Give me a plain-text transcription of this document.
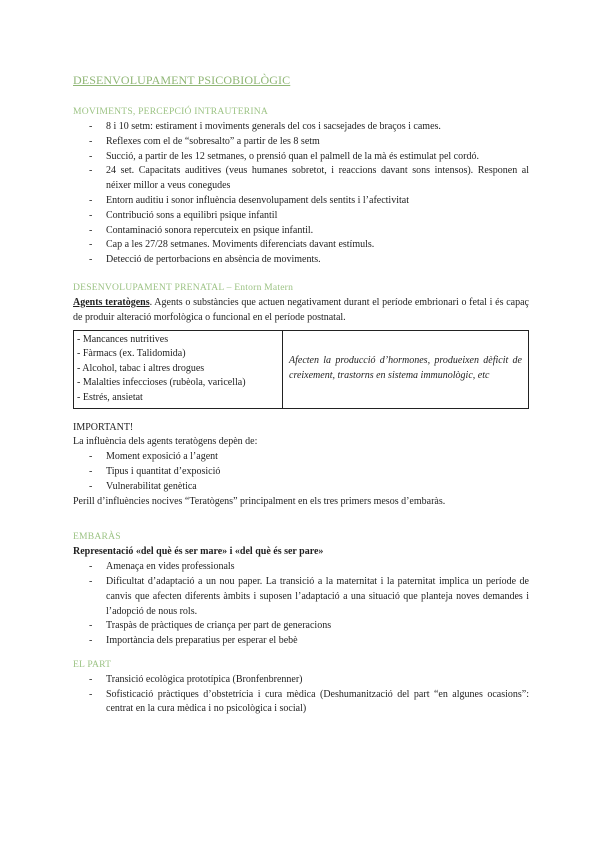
DESENVOLUPAMENT PSICOBIOLÒGIC
MOVIMENTS, PERCEPCIÓ INTRAUTERINA
- 8 i 10 setm: estirament i moviments generals del cos i sacsejades de braços i cames.
- Reflexes com el de “sobresalto” a partir de les 8 setm
- Succió, a partir de les 12 setmanes, o prensió quan el palmell de la mà és estimulat pel cordó.
- 24 set. Capacitats auditives (veus humanes sobretot, i reaccions davant sons intensos). Responen al néixer millor a veus conegudes
- Entorn auditiu i sonor influència desenvolupament dels sentits i l’afectivitat
- Contribució sons a equilibri psique infantil
- Contaminació sonora repercuteix en psique infantil.
- Cap a les 27/28 setmanes. Moviments diferenciats davant estímuls.
- Detecció de pertorbacions en absència de moviments.
DESENVOLUPAMENT PRENATAL – Entorn Matern

Agents teratògens. Agents o substàncies que actuen negativament durant el període embrionari o fetal i és capaç de produir alteració morfològica o funcional en el període postnatal.

- Mancances nutritives
- Fàrmacs (ex. Talidomida)
- Alcohol, tabac i altres drogues
- Malalties infeccioses (rubèola, varicella)
- Estrés, ansietat
	Afecten la producció d’hormones, produeixen dèficit de creixement, trastorns en sistema immunològic, etc

IMPORTANT!

La influència dels agents teratògens depèn de:

- Moment exposició a l’agent
- Tipus i quantitat d’exposició
- Vulnerabilitat genètica

Perill d’influències nocives “Teratògens” principalment en els tres primers mesos d’embaràs.

EMBARÀS

Representació «del què és ser mare» i «del què és ser pare»

- Amenaça en vides professionals
- Dificultat d’adaptació a un nou paper. La transició a la maternitat i la paternitat implica un període de canvis que afecten diferents àmbits i suposen l’adaptació a una situació que planteja noves demandes i l’adopció de nous rols.
- Traspàs de pràctiques de criança per part de generacions
- Importància dels preparatius per esperar el bebè
EL PART
- Transició ecològica prototípica (Bronfenbrenner)
- Sofisticació pràctiques d’obstetrícia i cura mèdica (Deshumanització del part “en algunes ocasions”: centrat en la cura mèdica i no psicològica i social)
